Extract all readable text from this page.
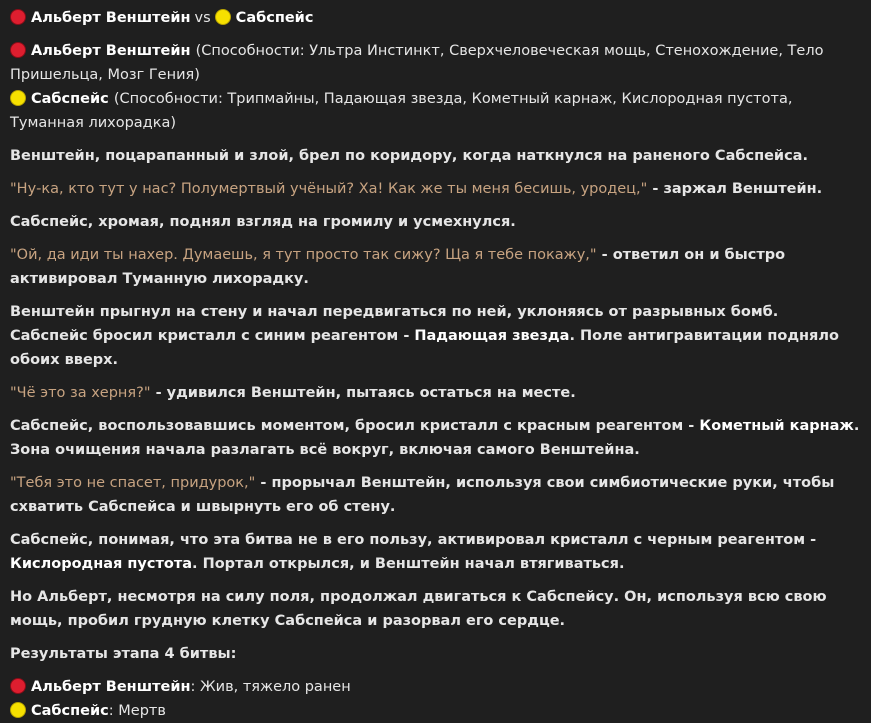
Альберт Венштейн vs Сабспейс

Альберт Венштейн (Способности: Ультра Инстинкт, Сверхчеловеческая мощь, Стенохождение, Тело Пришельца, Мозг Гения)

Сабспейс (Способности: Трипмайны, Падающая звезда, Кометный карнаж, Кислородная пустота, Туманная лихорадка)

Венштейн, поцарапанный и злой, брел по коридору, когда наткнулся на раненого Сабспейса.

"Ну-ка, кто тут у нас? Полумертвый учёный? Ха! Как же ты меня бесишь, уродец," - заржал Венштейн.

Сабспейс, хромая, поднял взгляд на громилу и усмехнулся.

"Ой, да иди ты нахер. Думаешь, я тут просто так сижу? Ща я тебе покажу," - ответил он и быстро активировал Туманную лихорадку.

Венштейн прыгнул на стену и начал передвигаться по ней, уклоняясь от разрывных бомб. Сабспейс бросил кристалл с синим реагентом - Падающая звезда. Поле антигравитации подняло обоих вверх.

"Чё это за херня?" - удивился Венштейн, пытаясь остаться на месте.

Сабспейс, воспользовавшись моментом, бросил кристалл с красным реагентом - Кометный карнаж. Зона очищения начала разлагать всё вокруг, включая самого Венштейна.

"Тебя это не спасет, придурок," - прорычал Венштейн, используя свои симбиотические руки, чтобы схватить Сабспейса и швырнуть его об стену.

Сабспейс, понимая, что эта битва не в его пользу, активировал кристалл с черным реагентом - Кислородная пустота. Портал открылся, и Венштейн начал втягиваться.

Но Альберт, несмотря на силу поля, продолжал двигаться к Сабспейсу. Он, используя всю свою мощь, пробил грудную клетку Сабспейса и разорвал его сердце.

Результаты этапа 4 битвы:

Альберт Венштейн: Жив, тяжело ранен

Сабспейс: Мертв
